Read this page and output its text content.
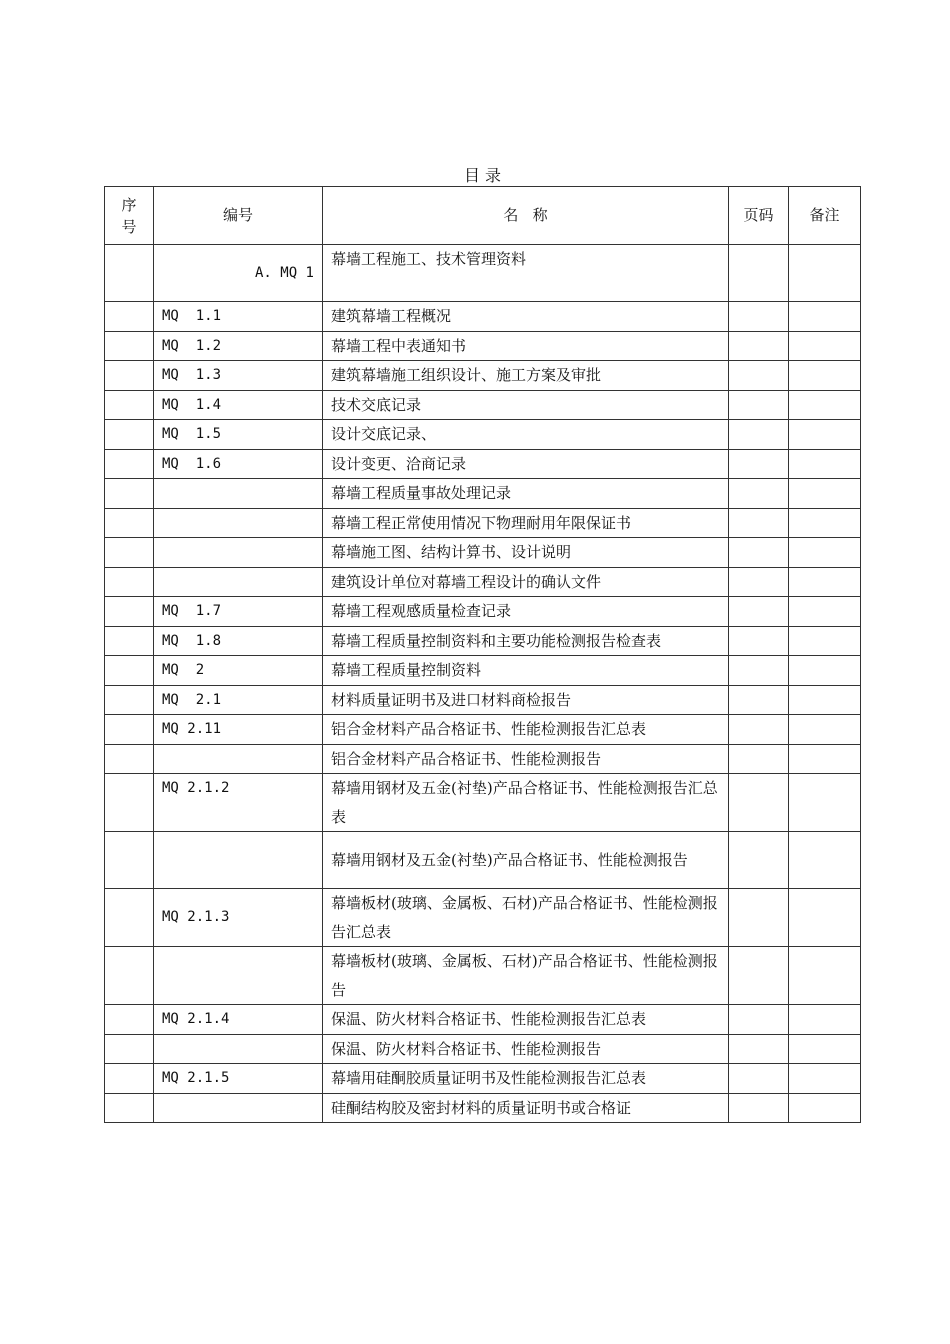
目 录
序号	编号	名   称	页码	备注
	A. MQ 1	幕墙工程施工、技术管理资料		
	MQ  1.1	建筑幕墙工程概况		
	MQ  1.2	幕墙工程中表通知书		
	MQ  1.3	建筑幕墙施工组织设计、施工方案及审批		
	MQ  1.4	技术交底记录		
	MQ  1.5	设计交底记录、		
	MQ  1.6	设计变更、洽商记录		
		幕墙工程质量事故处理记录		
		幕墙工程正常使用情况下物理耐用年限保证书		
		幕墙施工图、结构计算书、设计说明		
		建筑设计单位对幕墙工程设计的确认文件		
	MQ  1.7	幕墙工程观感质量检查记录		
	MQ  1.8	幕墙工程质量控制资料和主要功能检测报告检查表		
	MQ  2	幕墙工程质量控制资料		
	MQ  2.1	材料质量证明书及进口材料商检报告		
	MQ 2.11	铝合金材料产品合格证书、性能检测报告汇总表		
		铝合金材料产品合格证书、性能检测报告		
	MQ 2.1.2	幕墙用钢材及五金(衬垫)产品合格证书、性能检测报告汇总表		
		幕墙用钢材及五金(衬垫)产品合格证书、性能检测报告		
	MQ 2.1.3	幕墙板材(玻璃、金属板、石材)产品合格证书、性能检测报告汇总表		
		幕墙板材(玻璃、金属板、石材)产品合格证书、性能检测报告		
	MQ 2.1.4	保温、防火材料合格证书、性能检测报告汇总表		
		保温、防火材料合格证书、性能检测报告		
	MQ 2.1.5	幕墙用硅酮胶质量证明书及性能检测报告汇总表		
		硅酮结构胶及密封材料的质量证明书或合格证		
